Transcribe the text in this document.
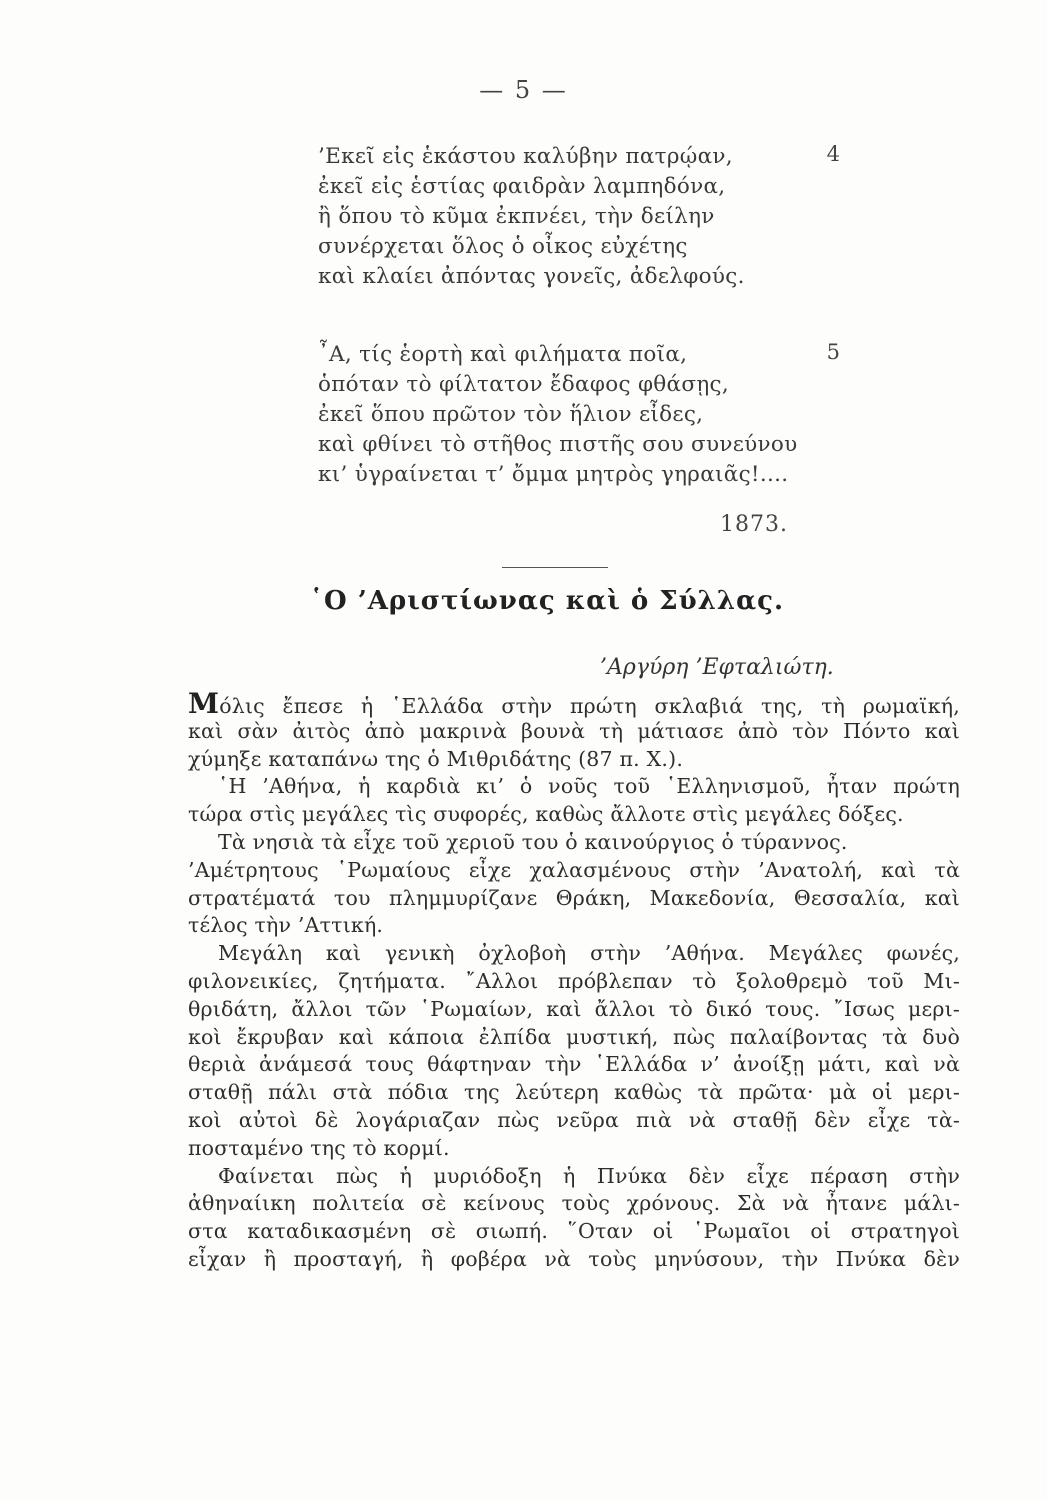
— 5 —
4
’Εκεῖ εἰς ἑκάστου καλύβην πατρῴαν,
ἐκεῖ εἰς ἑστίας φαιδρὰν λαμπηδόνα,
ἢ ὅπου τὸ κῦμα ἐκπνέει, τὴν δείλην
συνέρχεται ὅλος ὁ οἶκος εὐχέτης
καὶ κλαίει ἀπόντας γονεῖς, ἀδελφούς.
5
῏Α, τίς ἑορτὴ καὶ φιλήματα ποῖα,
ὁπόταν τὸ φίλτατον ἔδαφος φθάσῃς,
ἐκεῖ ὅπου πρῶτον τὸν ἥλιον εἶδες,
καὶ φθίνει τὸ στῆθος πιστῆς σου συνεύνου
κι’ ὑγραίνεται τ’ ὄμμα μητρὸς γηραιᾶς!....
1873.
῾Ο ’Αριστίωνας καὶ ὁ Σύλλας.
’Αργύρη ’Εφταλιώτη.
Μόλις ἔπεσε ἡ ῾Ελλάδα στὴν πρώτη σκλαβιά της, τὴ ρωμαϊκή,
καὶ σὰν ἀιτὸς ἀπὸ μακρινὰ βουνὰ τὴ μάτιασε ἀπὸ τὸν Πόντο καὶ
χύμηξε καταπάνω της ὁ Μιθριδάτης (87 π. Χ.).
῾Η ’Αθήνα, ἡ καρδιὰ κι’ ὁ νοῦς τοῦ ῾Ελληνισμοῦ, ἦταν πρώτη
τώρα στὶς μεγάλες τὶς συφορές, καθὼς ἄλλοτε στὶς μεγάλες δόξες.
Τὰ νησιὰ τὰ εἶχε τοῦ χεριοῦ του ὁ καινούργιος ὁ τύραννος.
’Αμέτρητους ῾Ρωμαίους εἶχε χαλασμένους στὴν ’Ανατολή, καὶ τὰ
στρατέματά του πλημμυρίζανε Θράκη, Μακεδονία, Θεσσαλία, καὶ
τέλος τὴν ’Αττική.
Μεγάλη καὶ γενικὴ ὀχλοβοὴ στὴν ’Αθήνα. Μεγάλες φωνές,
φιλονεικίες, ζητήματα. ῎Αλλοι πρόβλεπαν τὸ ξολοθρεμὸ τοῦ Μι-
θριδάτη, ἄλλοι τῶν ῾Ρωμαίων, καὶ ἄλλοι τὸ δικό τους. ῎Ισως μερι-
κοὶ ἔκρυβαν καὶ κάποια ἐλπίδα μυστική, πὼς παλαίβοντας τὰ δυὸ
θεριὰ ἀνάμεσά τους θάφτηναν τὴν ῾Ελλάδα ν’ ἀνοίξῃ μάτι, καὶ νὰ
σταθῇ πάλι στὰ πόδια της λεύτερη καθὼς τὰ πρῶτα· μὰ οἱ μερι-
κοὶ αὐτοὶ δὲ λογάριαζαν πὼς νεῦρα πιὰ νὰ σταθῇ δὲν εἶχε τὰ-
ποσταμένο της τὸ κορμί.
Φαίνεται πὼς ἡ μυριόδοξη ἡ Πνύκα δὲν εἶχε πέραση στὴν
ἀθηναίικη πολιτεία σὲ κείνους τοὺς χρόνους. Σὰ νὰ ἦτανε μάλι-
στα καταδικασμένη σὲ σιωπή. ῞Οταν οἱ ῾Ρωμαῖοι οἱ στρατηγοὶ
εἶχαν ἢ προσταγή, ἢ φοβέρα νὰ τοὺς μηνύσουν, τὴν Πνύκα δὲν
